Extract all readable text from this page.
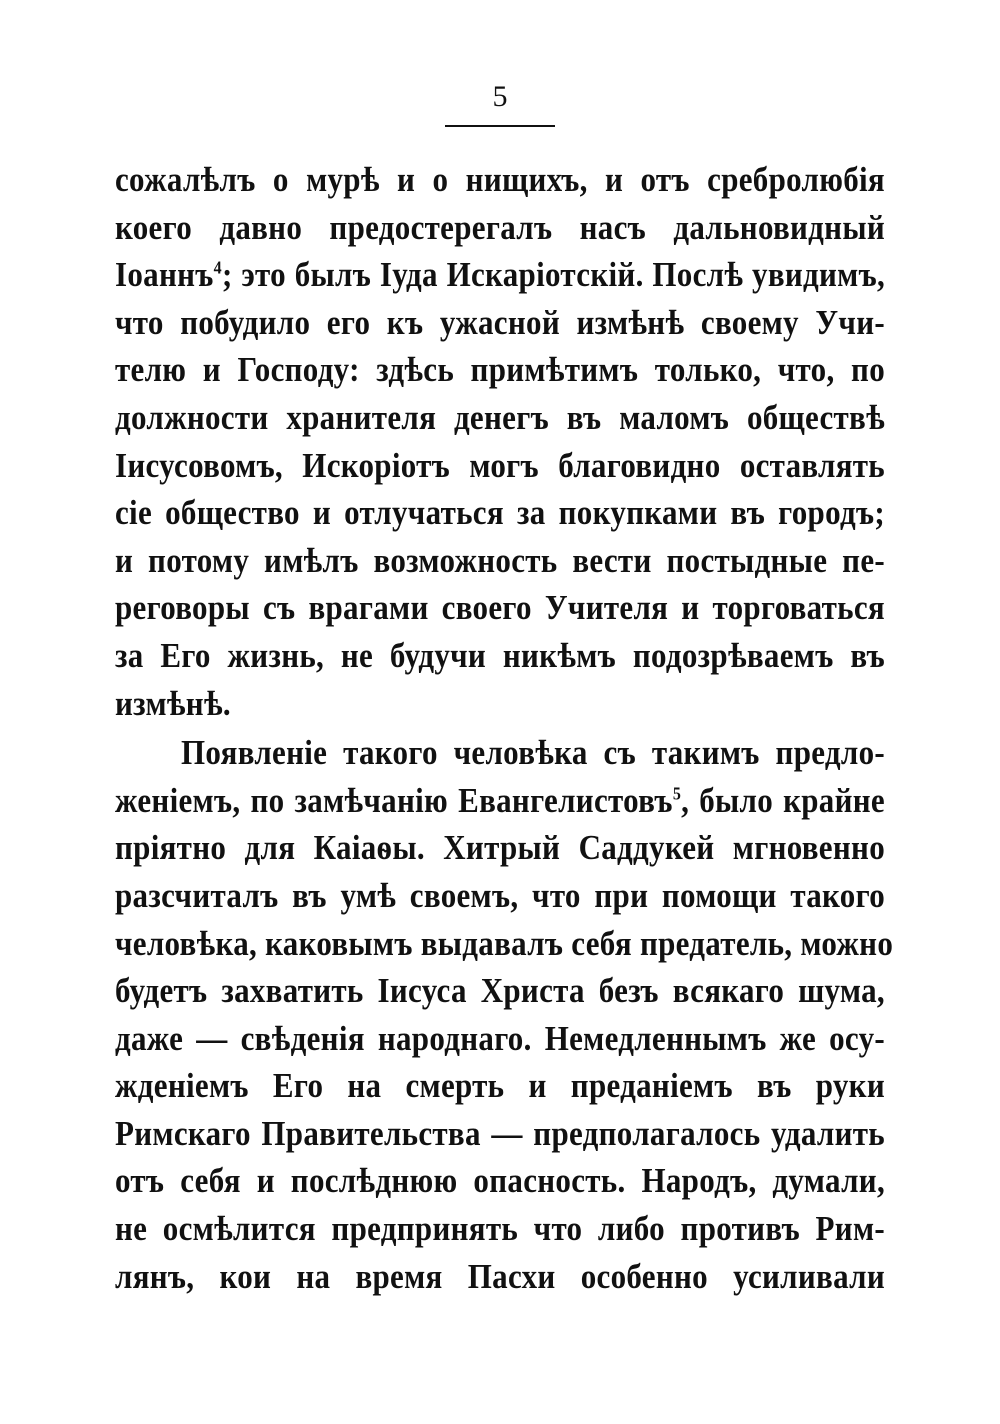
5
сожалѣлъ о мурѣ и о нищихъ, и отъ сребролюбія
коего давно предостерегалъ насъ дальновидный
Іоаннъ$^4$; это былъ Іуда Искаріотскій. Послѣ увидимъ,
что побудило его къ ужасной измѣнѣ своему Учи-
телю и Господу: здѣсь примѣтимъ только, что, по
должности хранителя денегъ въ маломъ обществѣ
Іисусовомъ, Искоріотъ могъ благовидно оставлять
сіе общество и отлучаться за покупками въ городъ;
и потому имѣлъ возможность вести постыдные пе-
реговоры съ врагами своего Учителя и торговаться
за Его жизнь, не будучи никѣмъ подозрѣваемъ въ
измѣнѣ.
Появленіе такого человѣка съ такимъ предло-
женіемъ, по замѣчанію Евангелистовъ$^5$, было крайне
пріятно для Каіаѳы. Хитрый Саддукей мгновенно
разсчиталъ въ умѣ своемъ, что при помощи такого
человѣка, каковымъ выдавалъ себя предатель, можно
будетъ захватить Іисуса Христа безъ всякаго шума,
даже — свѣденія народнаго. Немедленнымъ же осу-
жденіемъ Его на смерть и преданіемъ въ руки
Римскаго Правительства — предполагалось удалить
отъ себя и послѣднюю опасность. Народъ, думали,
не осмѣлится предпринять что либо противъ Рим-
лянъ, кои на время Пасхи особенно усиливали
